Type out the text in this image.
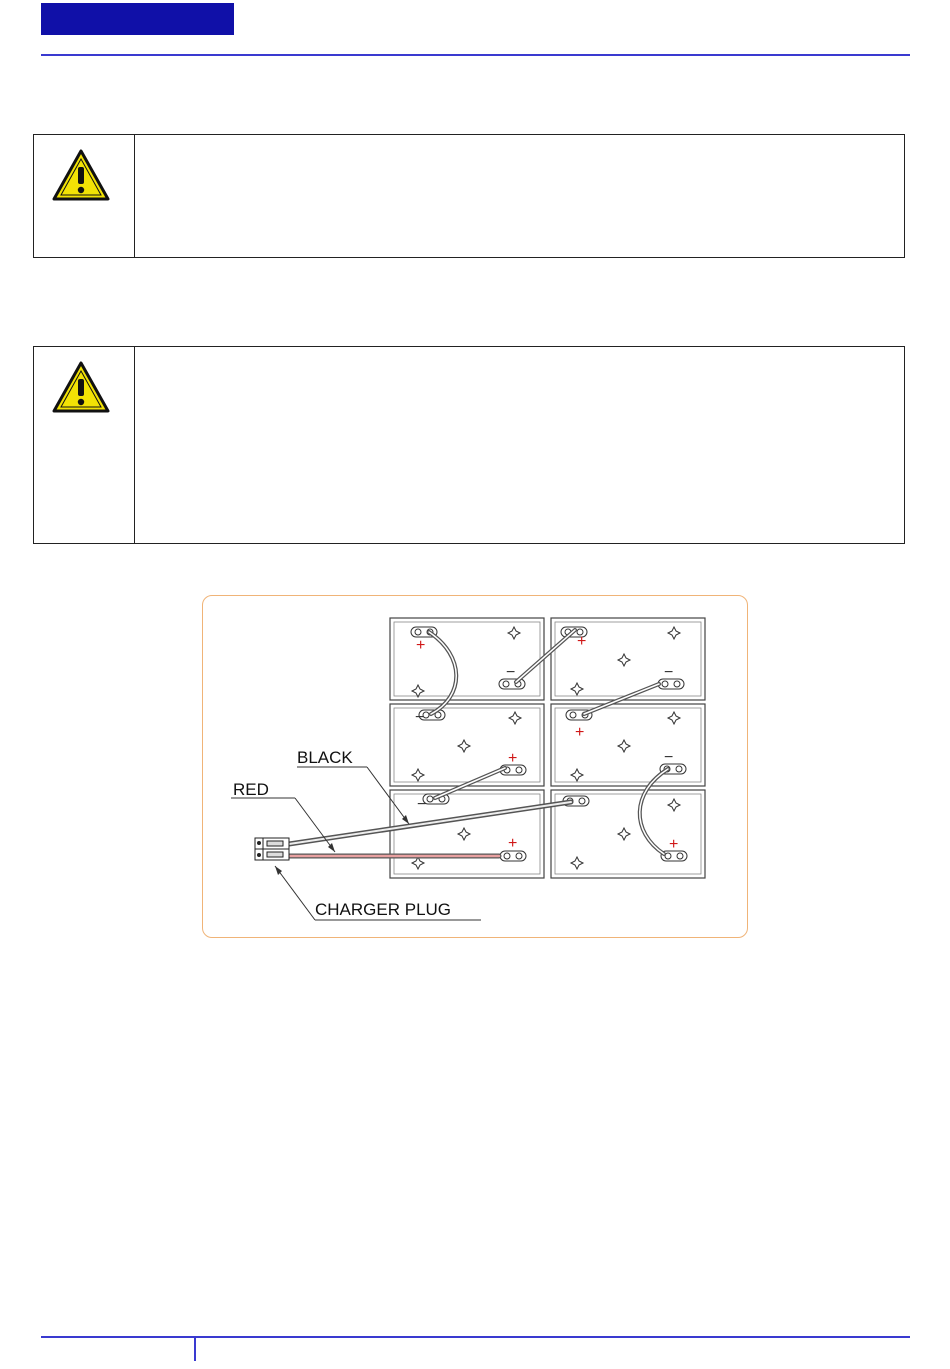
+
−
+
−
−
+
+	−
−
+	+
BLACK
RED
CHARGER PLUG
